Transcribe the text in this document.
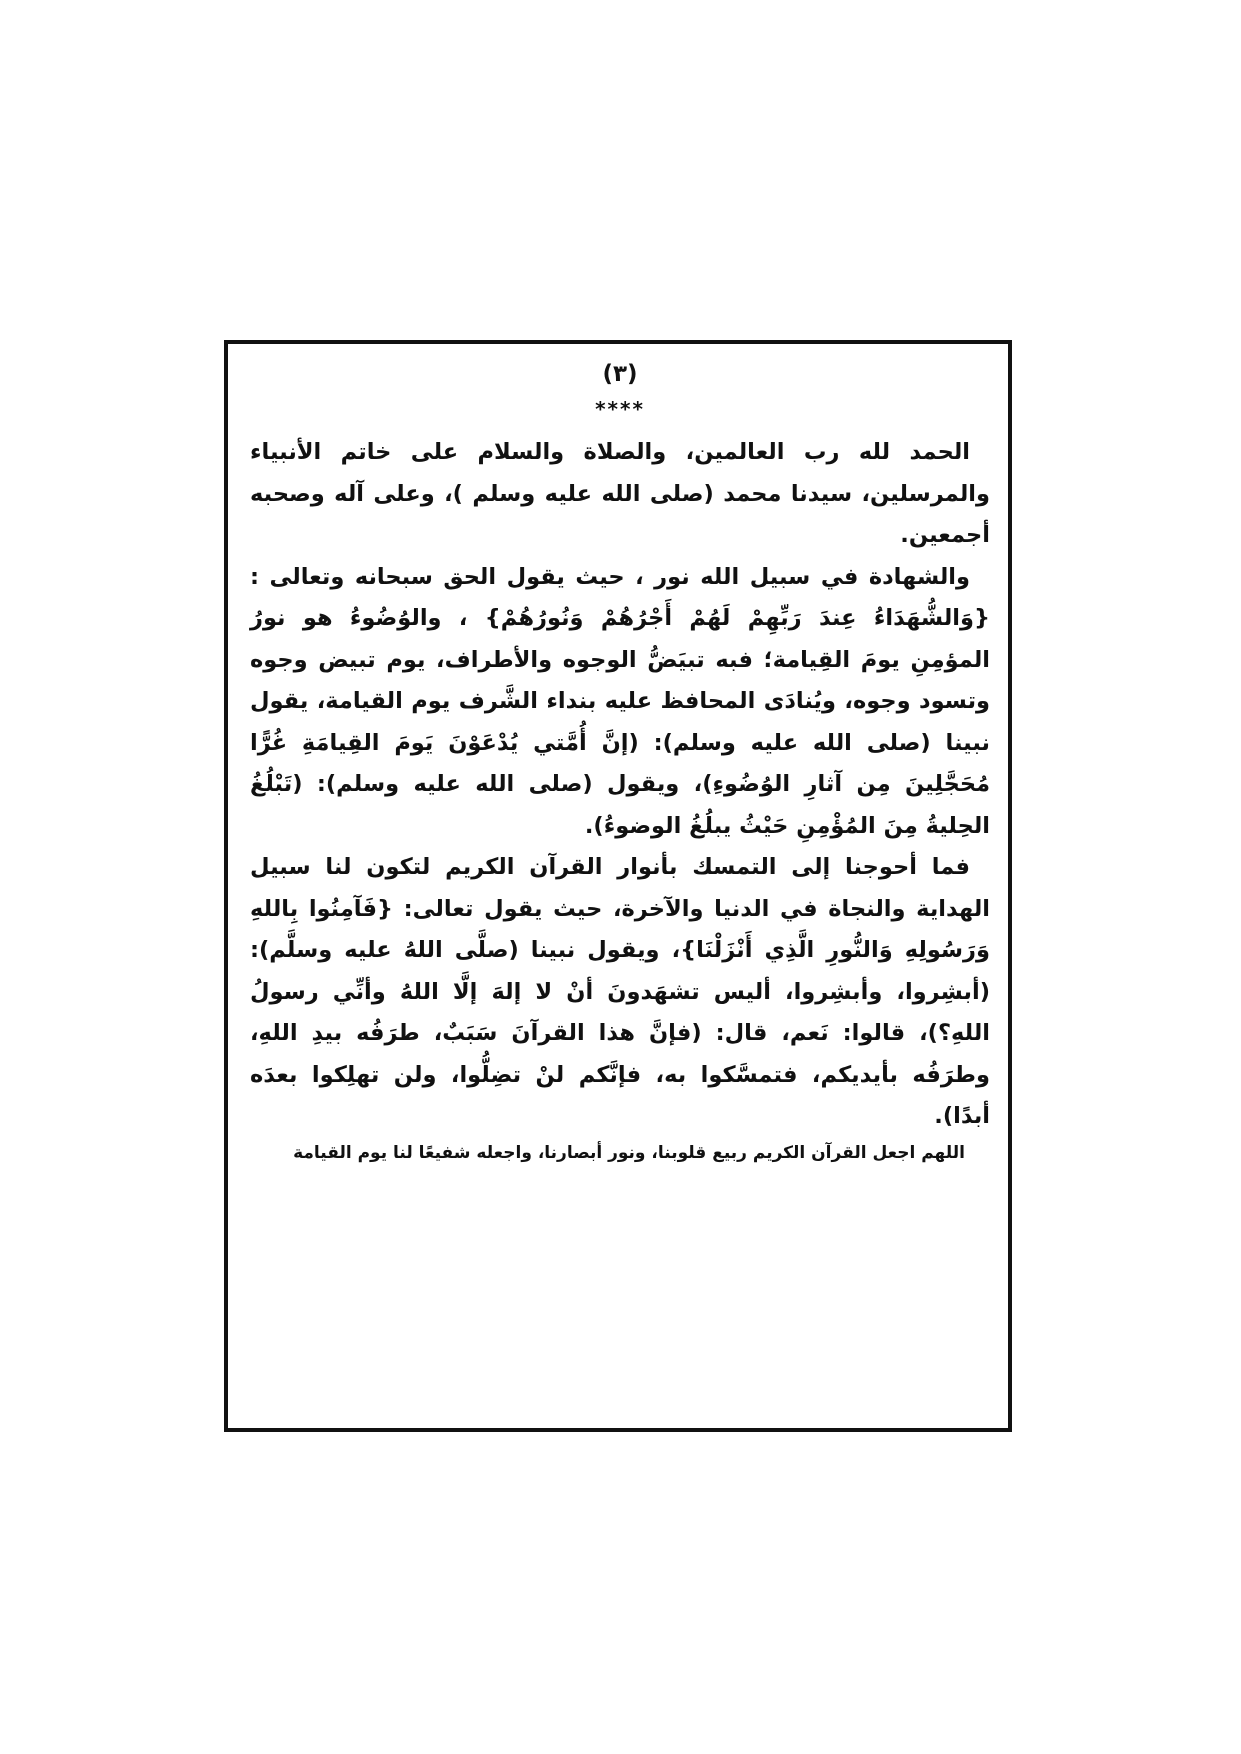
(٣)
****

الحمد لله رب العالمين، والصلاة والسلام على خاتم الأنبياء والمرسلين، سيدنا محمد (صلى الله عليه وسلم )، وعلى آله وصحبه أجمعين.

والشهادة في سبيل الله نور ، حيث يقول الحق سبحانه وتعالى : {وَالشُّهَدَاءُ عِندَ رَبِّهِمْ لَهُمْ أَجْرُهُمْ وَنُورُهُمْ} ، والوُضُوءُ هو نورُ المؤمِنِ يومَ القِيامة؛ فبه تبيَضُّ الوجوه والأطراف، يوم تبيض وجوه وتسود وجوه، ويُنادَى المحافظ عليه بنداء الشَّرف يوم القيامة، يقول نبينا (صلى الله عليه وسلم): (إنَّ أُمَّتي يُدْعَوْنَ يَومَ القِيامَةِ غُرًّا مُحَجَّلِينَ مِن آثارِ الوُضُوءِ)، ويقول (صلى الله عليه وسلم): (تَبْلُغُ الحِليةُ مِنَ المُؤْمِنِ حَيْثُ يبلُغُ الوضوءُ).

فما أحوجنا إلى التمسك بأنوار القرآن الكريم لتكون لنا سبيل الهداية والنجاة في الدنيا والآخرة، حيث يقول تعالى: {فَآمِنُوا بِاللهِ وَرَسُولِهِ وَالنُّورِ الَّذِي أَنْزَلْنَا}، ويقول نبينا (صلَّى اللهُ عليه وسلَّم): (أبشِروا، وأبشِروا، أليس تشهَدونَ أنْ لا إلهَ إلَّا اللهُ وأنِّي رسولُ اللهِ؟)، قالوا: نَعم، قال: (فإنَّ هذا القرآنَ سَبَبٌ، طرَفُه بيدِ اللهِ، وطرَفُه بأيديكم، فتمسَّكوا به، فإنَّكم لنْ تضِلُّوا، ولن تهلِكوا بعدَه أبدًا).

اللهم اجعل القرآن الكريم ربيع قلوبنا، ونور أبصارنا، واجعله شفيعًا لنا يوم القيامة
